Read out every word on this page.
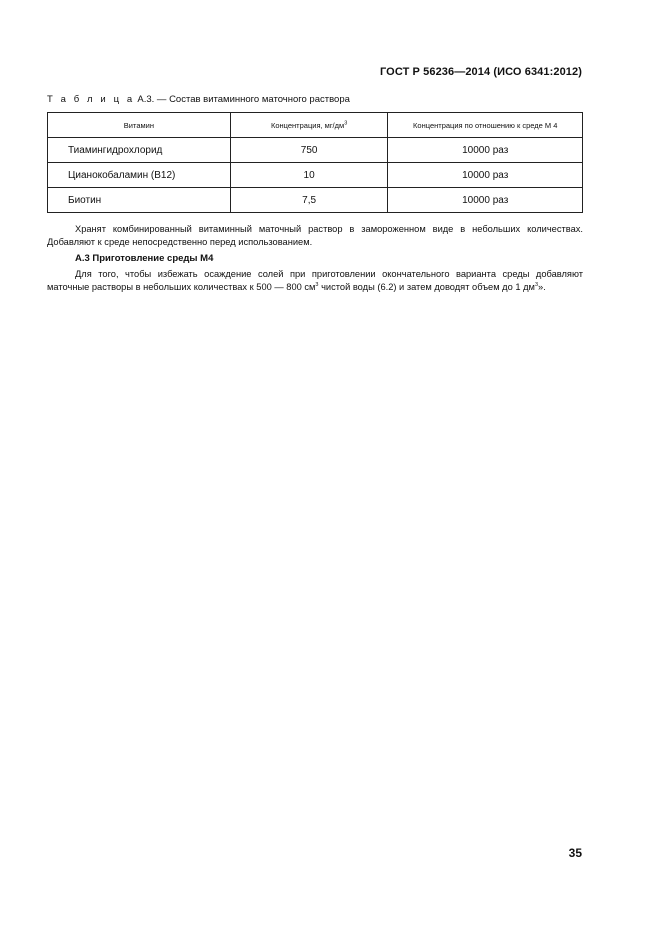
ГОСТ Р 56236—2014 (ИСО 6341:2012)
Т а б л и ц а А.3. — Состав витаминного маточного раствора
Витамин	Концентрация, $мг/дм^3$	Концентрация по отношению к среде М 4
Тиамингидрохлорид	750	10000 раз
Цианокобаламин (В12)	10	10000 раз
Биотин	7,5	10000 раз
Хранят комбинированный витаминный маточный раствор в замороженном виде в небольших количествах. Добавляют к среде непосредственно перед использованием.
А.3 Приготовление среды М4
Для того, чтобы избежать осаждение солей при приготовлении окончательного варианта среды добавляют маточные растворы в небольших количествах к 500 — 800 $см^3$ чистой воды (6.2) и затем доводят объем до 1 $дм^3$».
35
